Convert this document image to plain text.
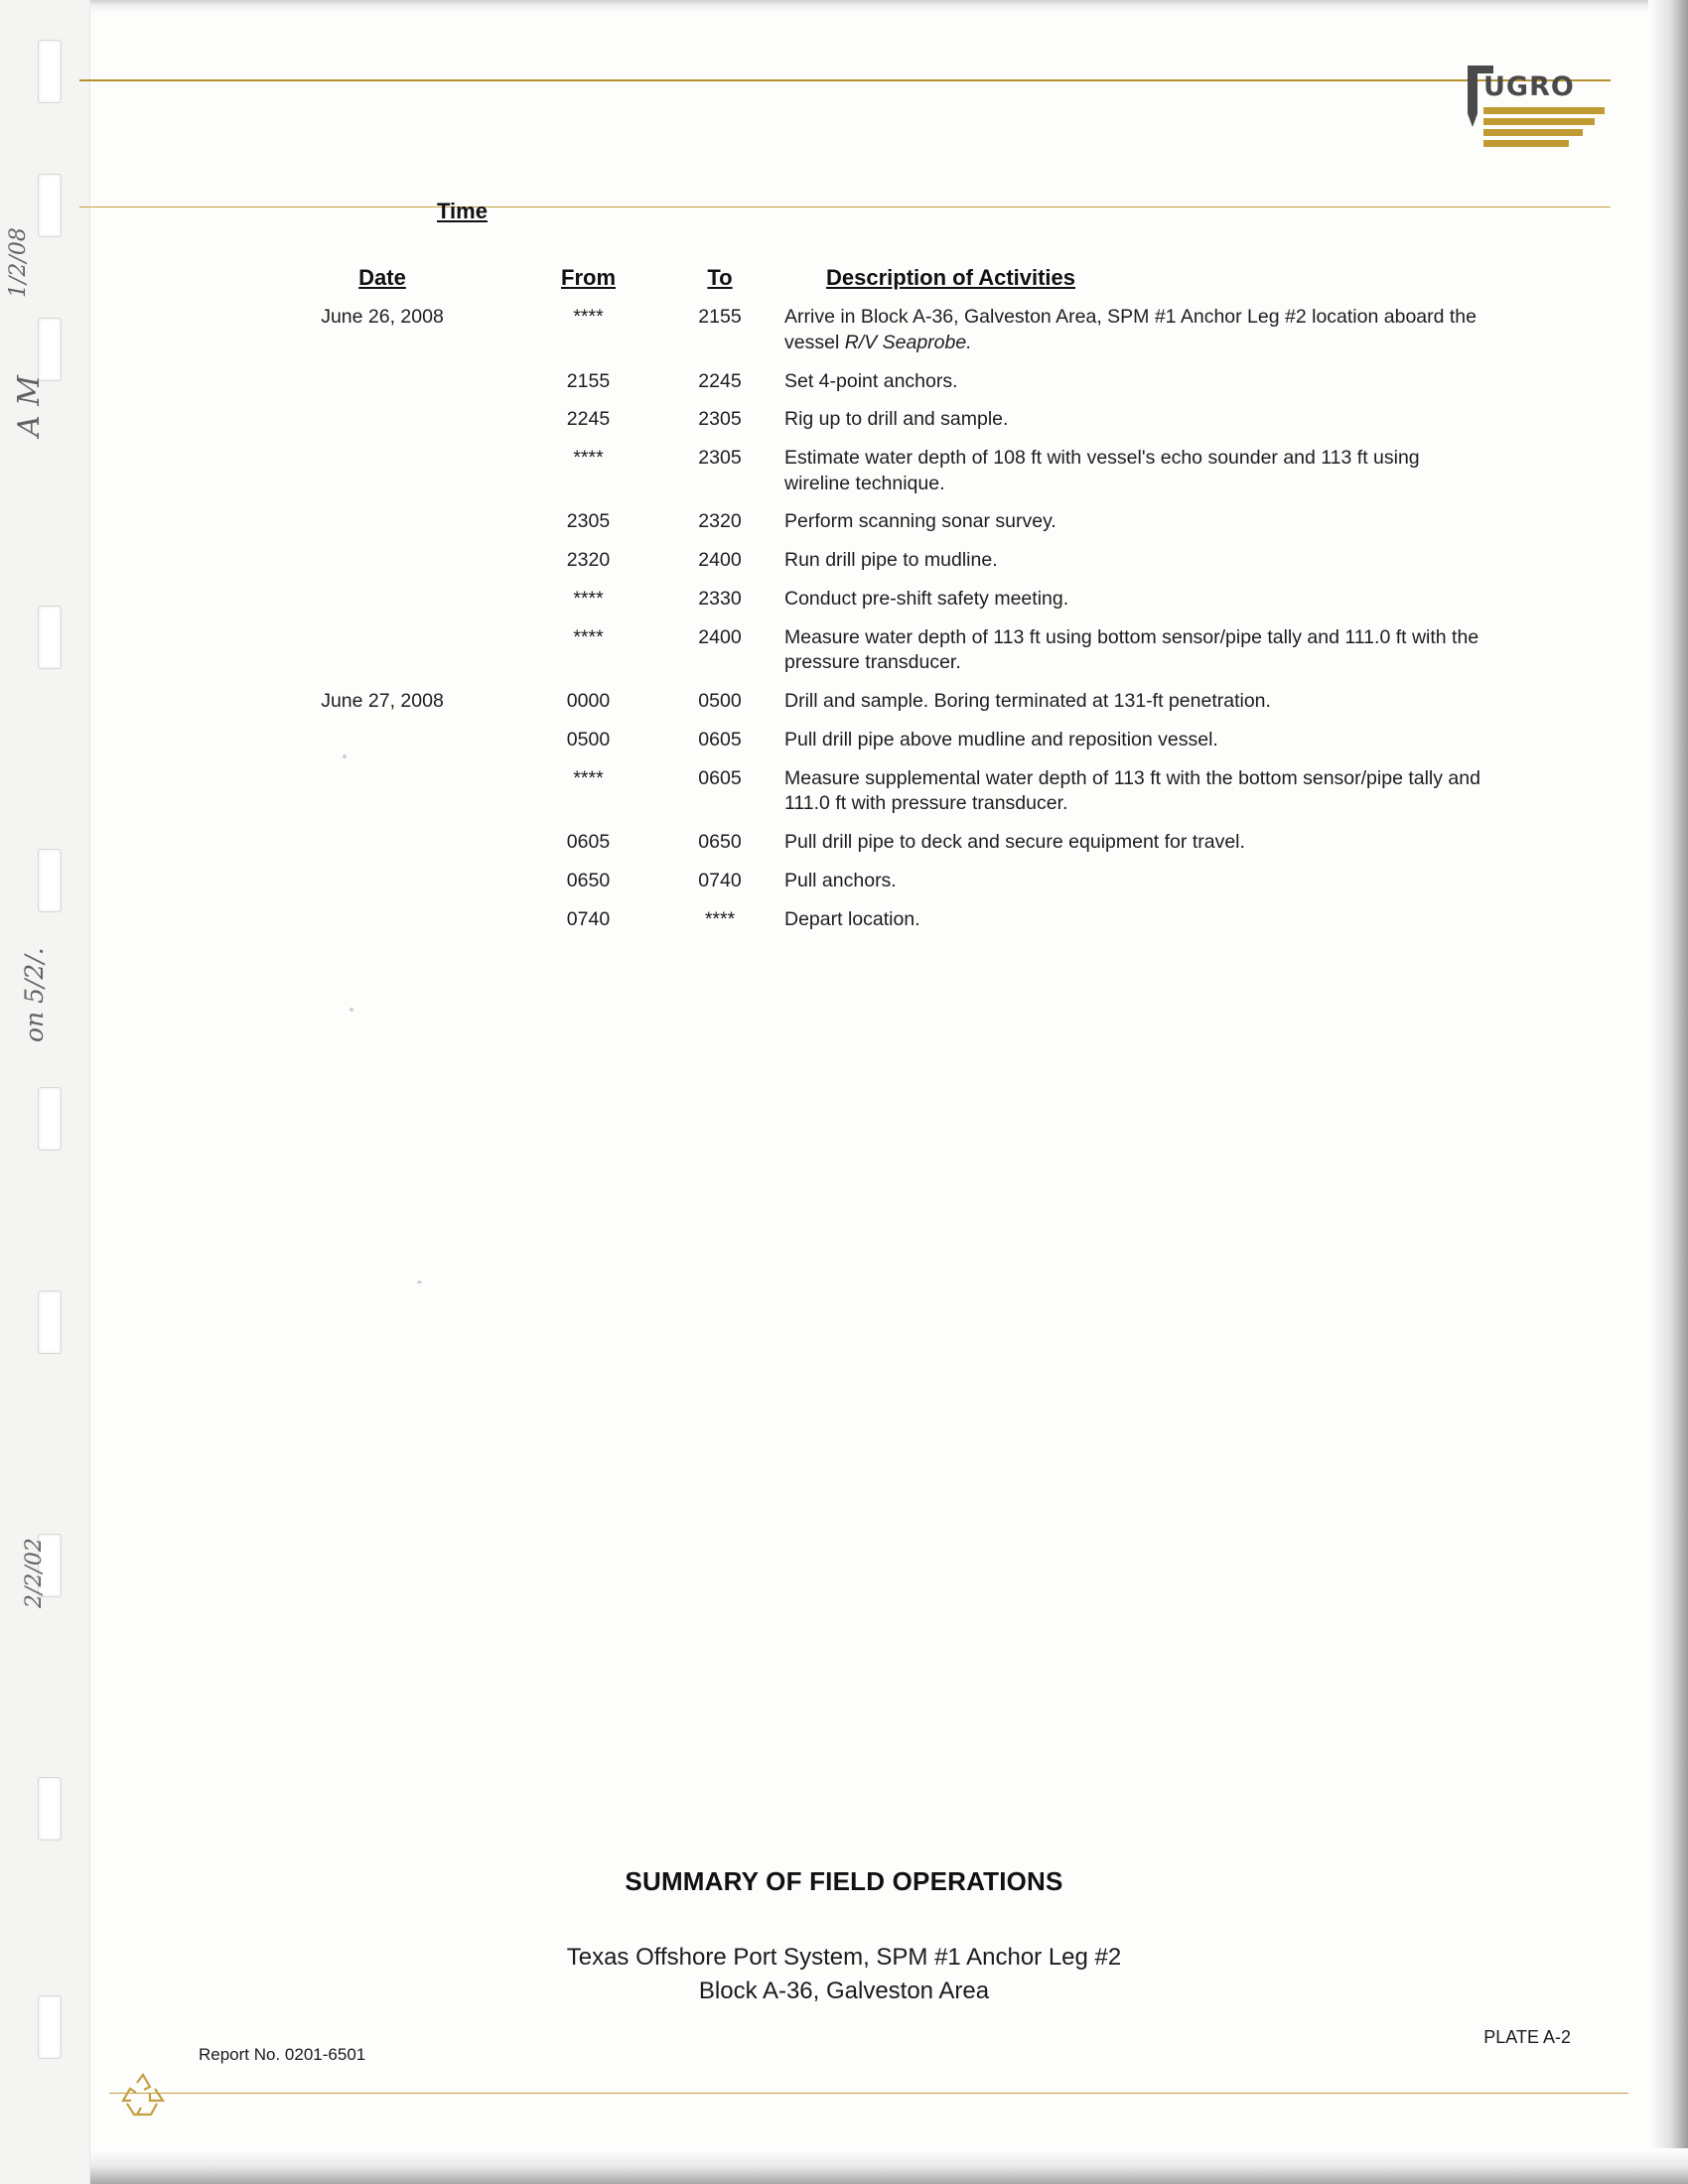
UGRO
Time
Date	From	To	Description of Activities
June 26, 2008	****	2155	Arrive in Block A-36, Galveston Area, SPM #1 Anchor Leg #2 location aboard the vessel R/V Seaprobe.
	2155	2245	Set 4-point anchors.
	2245	2305	Rig up to drill and sample.
	****	2305	Estimate water depth of 108 ft with vessel's echo sounder and 113 ft using wireline technique.
	2305	2320	Perform scanning sonar survey.
	2320	2400	Run drill pipe to mudline.
	****	2330	Conduct pre-shift safety meeting.
	****	2400	Measure water depth of 113 ft using bottom sensor/pipe tally and 111.0 ft with the pressure transducer.
June 27, 2008	0000	0500	Drill and sample. Boring terminated at 131-ft penetration.
	0500	0605	Pull drill pipe above mudline and reposition vessel.
	****	0605	Measure supplemental water depth of 113 ft with the bottom sensor/pipe tally and 111.0 ft with pressure transducer.
	0605	0650	Pull drill pipe to deck and secure equipment for travel.
	0650	0740	Pull anchors.
	0740	****	Depart location.
1/2/08
A M
on 5/2/.
2/2/02
SUMMARY OF FIELD OPERATIONS
Texas Offshore Port System, SPM #1 Anchor Leg #2
Block A-36, Galveston Area
Report No. 0201-6501
PLATE A-2
